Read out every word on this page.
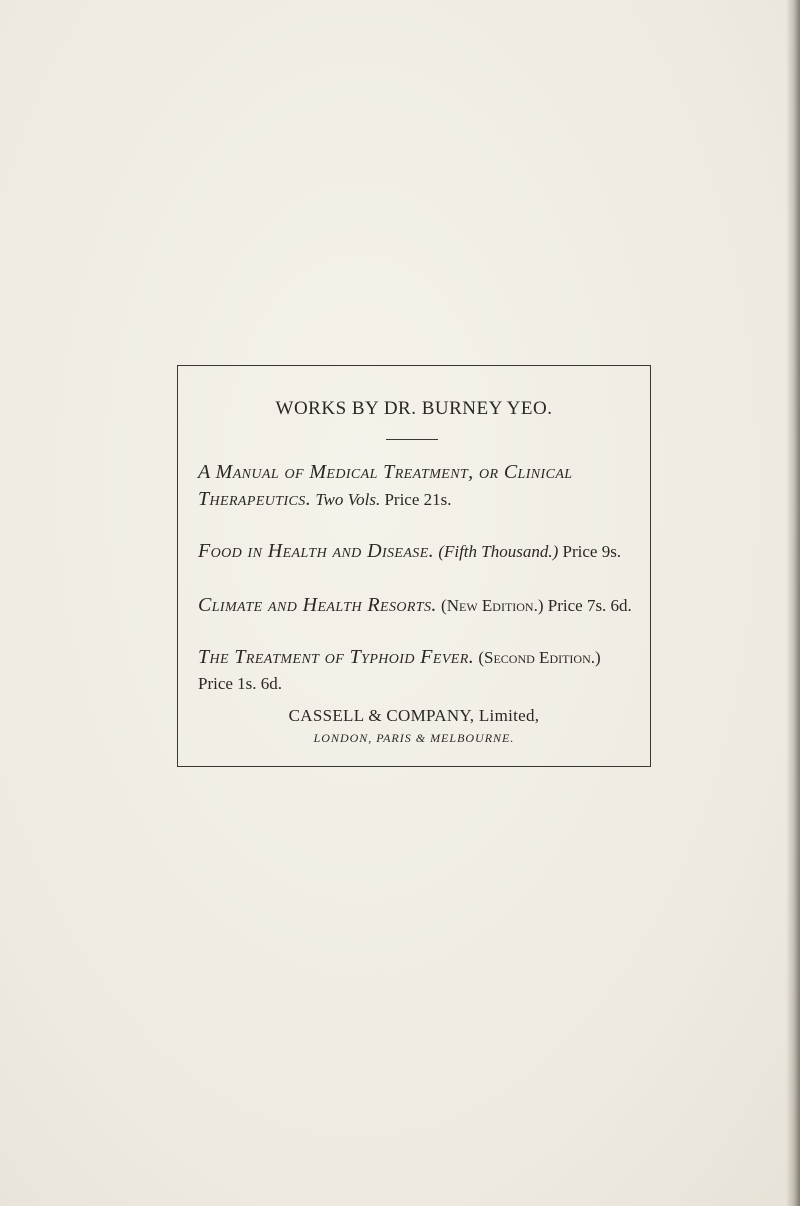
WORKS BY DR. BURNEY YEO.
A Manual of Medical Treatment, or Clinical Therapeutics. Two Vols. Price 21s.
Food in Health and Disease. (Fifth Thousand.) Price 9s.
Climate and Health Resorts. (New Edition.) Price 7s. 6d.
The Treatment of Typhoid Fever. (Second Edition.) Price 1s. 6d.
CASSELL & COMPANY, Limited,
LONDON, PARIS & MELBOURNE.
